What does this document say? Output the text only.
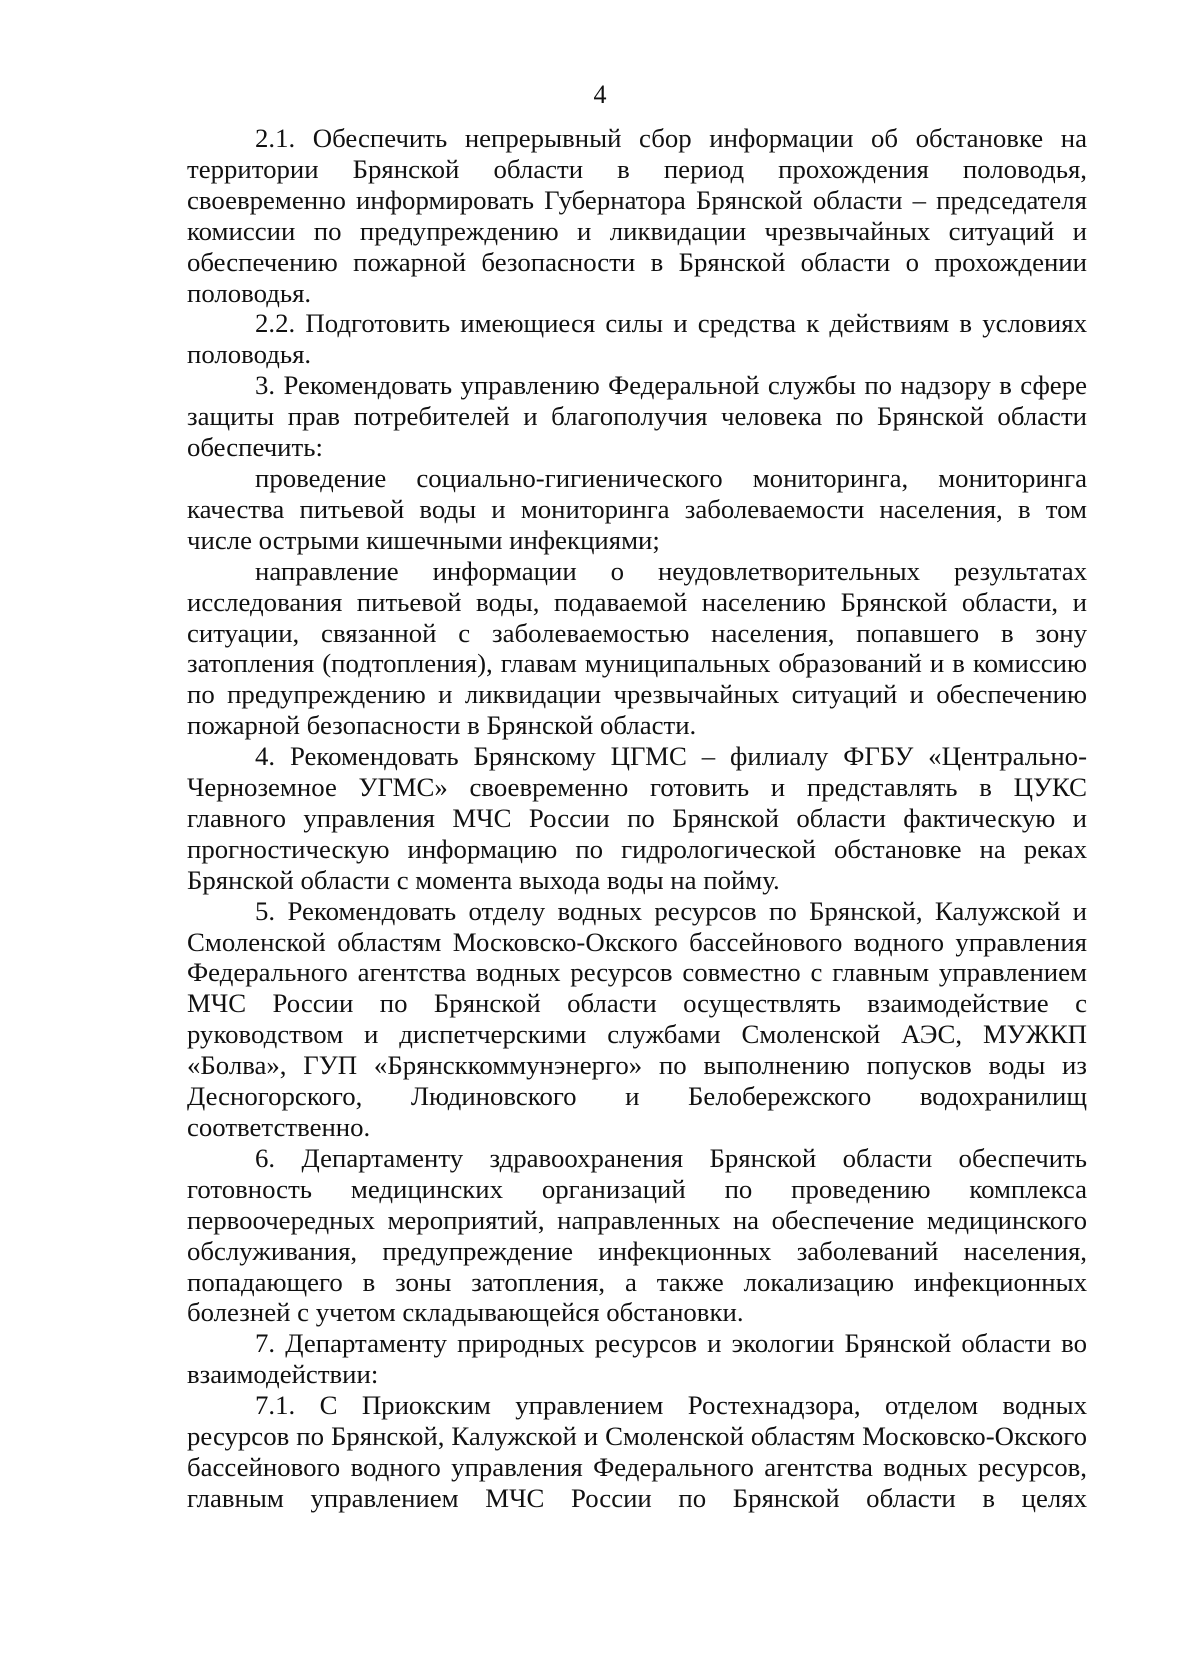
4

2.1. Обеспечить непрерывный сбор информации об обстановке на территории Брянской области в период прохождения половодья, своевременно информировать Губернатора Брянской области – председателя комиссии по предупреждению и ликвидации чрезвычайных ситуаций и обеспечению пожарной безопасности в Брянской области о прохождении половодья.

2.2. Подготовить имеющиеся силы и средства к действиям в условиях половодья.

3. Рекомендовать управлению Федеральной службы по надзору в сфере защиты прав потребителей и благополучия человека по Брянской области обеспечить:

проведение социально-гигиенического мониторинга, мониторинга качества питьевой воды и мониторинга заболеваемости населения, в том числе острыми кишечными инфекциями;

направление информации о неудовлетворительных результатах исследования питьевой воды, подаваемой населению Брянской области, и ситуации, связанной с заболеваемостью населения, попавшего в зону затопления (подтопления), главам муниципальных образований и в комиссию по предупреждению и ликвидации чрезвычайных ситуаций и обеспечению пожарной безопасности в Брянской области.

4. Рекомендовать Брянскому ЦГМС – филиалу ФГБУ «Центрально-Черноземное УГМС» своевременно готовить и представлять в ЦУКС главного управления МЧС России по Брянской области фактическую и прогностическую информацию по гидрологической обстановке на реках Брянской области с момента выхода воды на пойму.

5. Рекомендовать отделу водных ресурсов по Брянской, Калужской и Смоленской областям Московско-Окского бассейнового водного управления Федерального агентства водных ресурсов совместно с главным управлением МЧС России по Брянской области осуществлять взаимодействие с руководством и диспетчерскими службами Смоленской АЭС, МУЖКП «Болва», ГУП «Брянсккоммунэнерго» по выполнению попусков воды из Десногорского, Людиновского и Белобережского водохранилищ соответственно.

6. Департаменту здравоохранения Брянской области обеспечить готовность медицинских организаций по проведению комплекса первоочередных мероприятий, направленных на обеспечение медицинского обслуживания, предупреждение инфекционных заболеваний населения, попадающего в зоны затопления, а также локализацию инфекционных болезней с учетом складывающейся обстановки.

7. Департаменту природных ресурсов и экологии Брянской области во взаимодействии:

7.1. С Приокским управлением Ростехнадзора, отделом водных ресурсов по Брянской, Калужской и Смоленской областям Московско-Окского бассейнового водного управления Федерального агентства водных ресурсов, главным управлением МЧС России по Брянской области в целях
